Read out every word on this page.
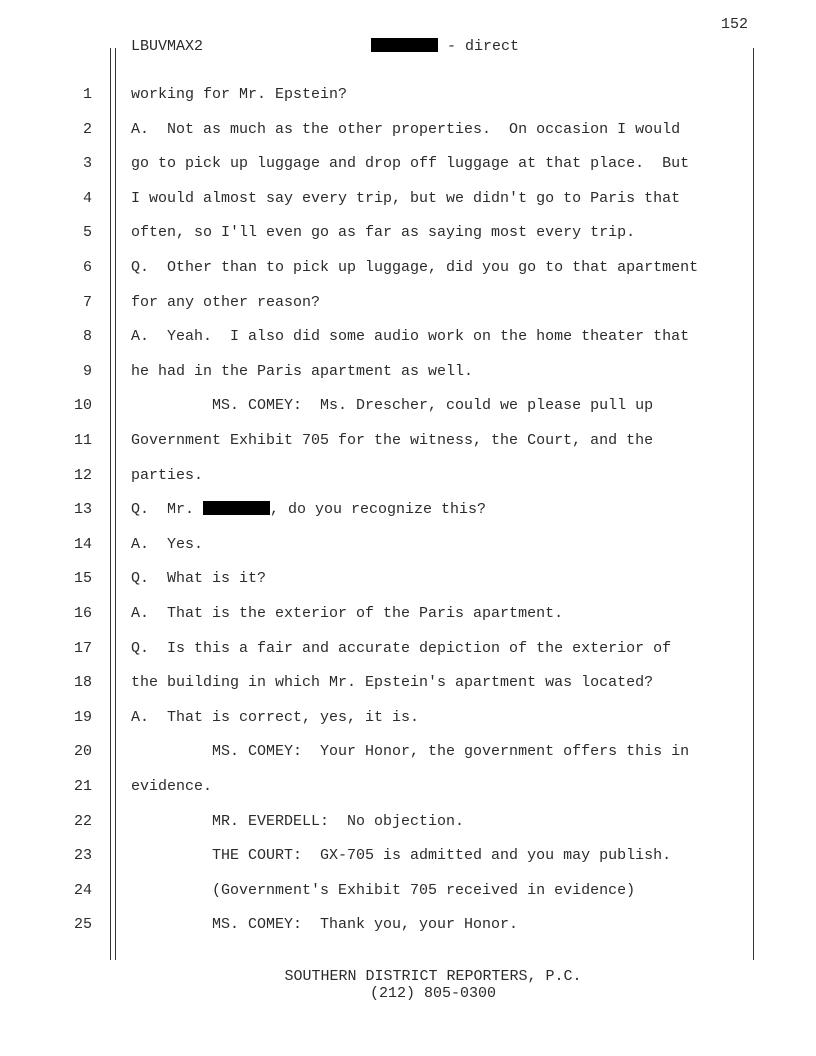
152
LBUVMAX2	- direct
1	working for Mr. Epstein?
2	A.  Not as much as the other properties.  On occasion I would
3	go to pick up luggage and drop off luggage at that place.  But
4	I would almost say every trip, but we didn't go to Paris that
5	often, so I'll even go as far as saying most every trip.
6	Q.  Other than to pick up luggage, did you go to that apartment
7	for any other reason?
8	A.  Yeah.  I also did some audio work on the home theater that
9	he had in the Paris apartment as well.
10	MS. COMEY:  Ms. Drescher, could we please pull up
11	Government Exhibit 705 for the witness, the Court, and the
12	parties.
13	Q.  Mr.	, do you recognize this?
14	A.  Yes.
15	Q.  What is it?
16	A.  That is the exterior of the Paris apartment.
17	Q.  Is this a fair and accurate depiction of the exterior of
18	the building in which Mr. Epstein's apartment was located?
19	A.  That is correct, yes, it is.
20	MS. COMEY:  Your Honor, the government offers this in
21	evidence.
22	MR. EVERDELL:  No objection.
23	THE COURT:  GX-705 is admitted and you may publish.
24	(Government's Exhibit 705 received in evidence)
25	MS. COMEY:  Thank you, your Honor.
SOUTHERN DISTRICT REPORTERS, P.C.
(212) 805-0300
